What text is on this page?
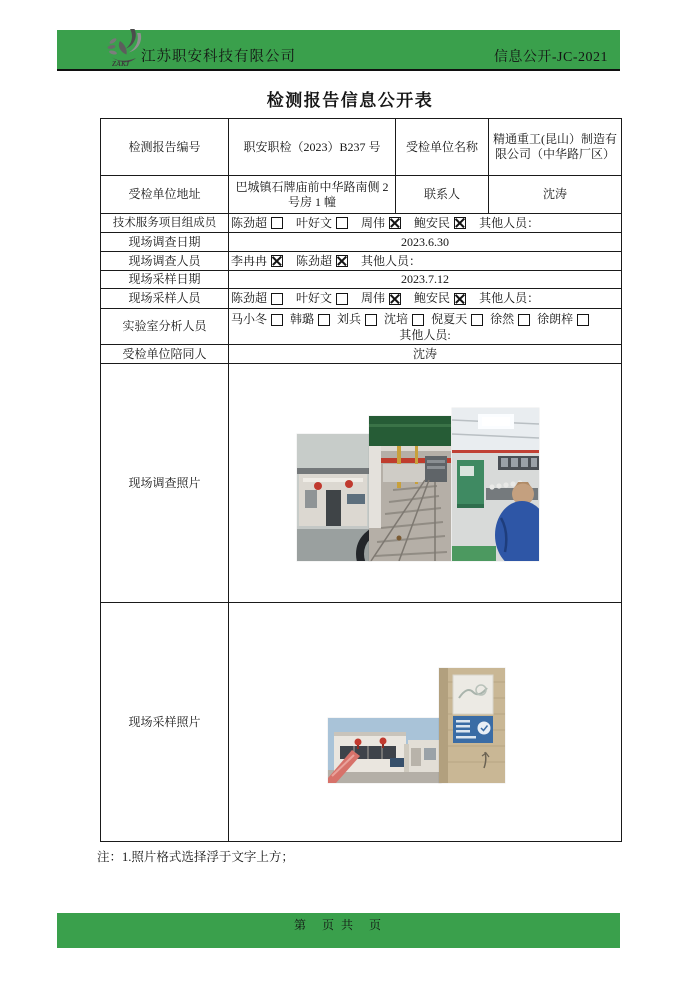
ZAKJ 江苏职安科技有限公司	信息公开-JC-2021
检测报告信息公开表
检测报告编号	职安职检（2023）B237 号	受检单位名称	精通重工(昆山）制造有限公司（中华路厂区）
受检单位地址	巴城镇石牌庙前中华路南侧 2 号房 1 幢	联系人	沈涛
技术服务项目组成员	陈劲超 叶好文 周伟 鲍安民 其他人员：		

现场调查日期	2023.6.30		
现场调查人员	李冉冉 陈劲超 其他人员：		

现场采样日期	2023.7.12		
现场采样人员	陈劲超 叶好文 周伟 鲍安民 其他人员：		

实验室分析人员	马小冬 韩璐 刘兵 沈培 倪夏天 徐然 徐朗梓
其他人员:

受检单位陪同人	沈涛		
现场调查照片	

现场采样照片	
注：1.照片格式选择浮于文字上方；
第　页 共　页
